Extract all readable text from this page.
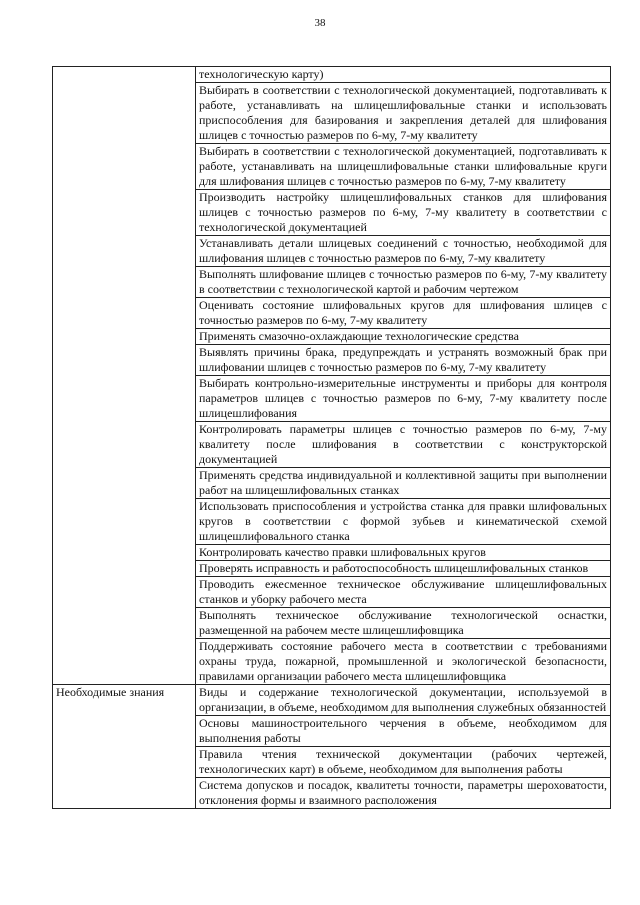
38
	технологическую карту)
	Выбирать в соответствии с технологической документацией, подготавливать к работе, устанавливать на шлицешлифовальные станки и использовать приспособления для базирования и закрепления деталей для шлифования шлицев с точностью размеров по 6-му, 7-му квалитету
	Выбирать в соответствии с технологической документацией, подготавливать к работе, устанавливать на шлицешлифовальные станки шлифовальные круги для шлифования шлицев с точностью размеров по 6-му, 7-му квалитету
	Производить настройку шлицешлифовальных станков для шлифования шлицев с точностью размеров по 6-му, 7-му квалитету в соответствии с технологической документацией
	Устанавливать детали шлицевых соединений с точностью, необходимой для шлифования шлицев с точностью размеров по 6-му, 7-му квалитету
	Выполнять шлифование шлицев с точностью размеров по 6-му, 7-му квалитету в соответствии с технологической картой и рабочим чертежом
	Оценивать состояние шлифовальных кругов для шлифования шлицев с точностью размеров по 6-му, 7-му квалитету
	Применять смазочно-охлаждающие технологические средства
	Выявлять причины брака, предупреждать и устранять возможный брак при шлифовании шлицев с точностью размеров по 6-му, 7-му квалитету
	Выбирать контрольно-измерительные инструменты и приборы для контроля параметров шлицев с точностью размеров по 6-му, 7-му квалитету после шлицешлифования
	Контролировать параметры шлицев с точностью размеров по 6-му, 7-му квалитету после шлифования в соответствии с конструкторской документацией
	Применять средства индивидуальной и коллективной защиты при выполнении работ на шлицешлифовальных станках
	Использовать приспособления и устройства станка для правки шлифовальных кругов в соответствии с формой зубьев и кинематической схемой шлицешлифовального станка
	Контролировать качество правки шлифовальных кругов
	Проверять исправность и работоспособность шлицешлифовальных станков
	Проводить ежесменное техническое обслуживание шлицешлифовальных станков и уборку рабочего места
	Выполнять техническое обслуживание технологической оснастки, размещенной на рабочем месте шлицешлифовщика
	Поддерживать состояние рабочего места в соответствии с требованиями охраны труда, пожарной, промышленной и экологической безопасности, правилами организации рабочего места шлицешлифовщика
Необходимые знания	Виды и содержание технологической документации, используемой в организации, в объеме, необходимом для выполнения служебных обязанностей
	Основы машиностроительного черчения в объеме, необходимом для выполнения работы
	Правила чтения технической документации (рабочих чертежей, технологических карт) в объеме, необходимом для выполнения работы
	Система допусков и посадок, квалитеты точности, параметры шероховатости, отклонения формы и взаимного расположения
